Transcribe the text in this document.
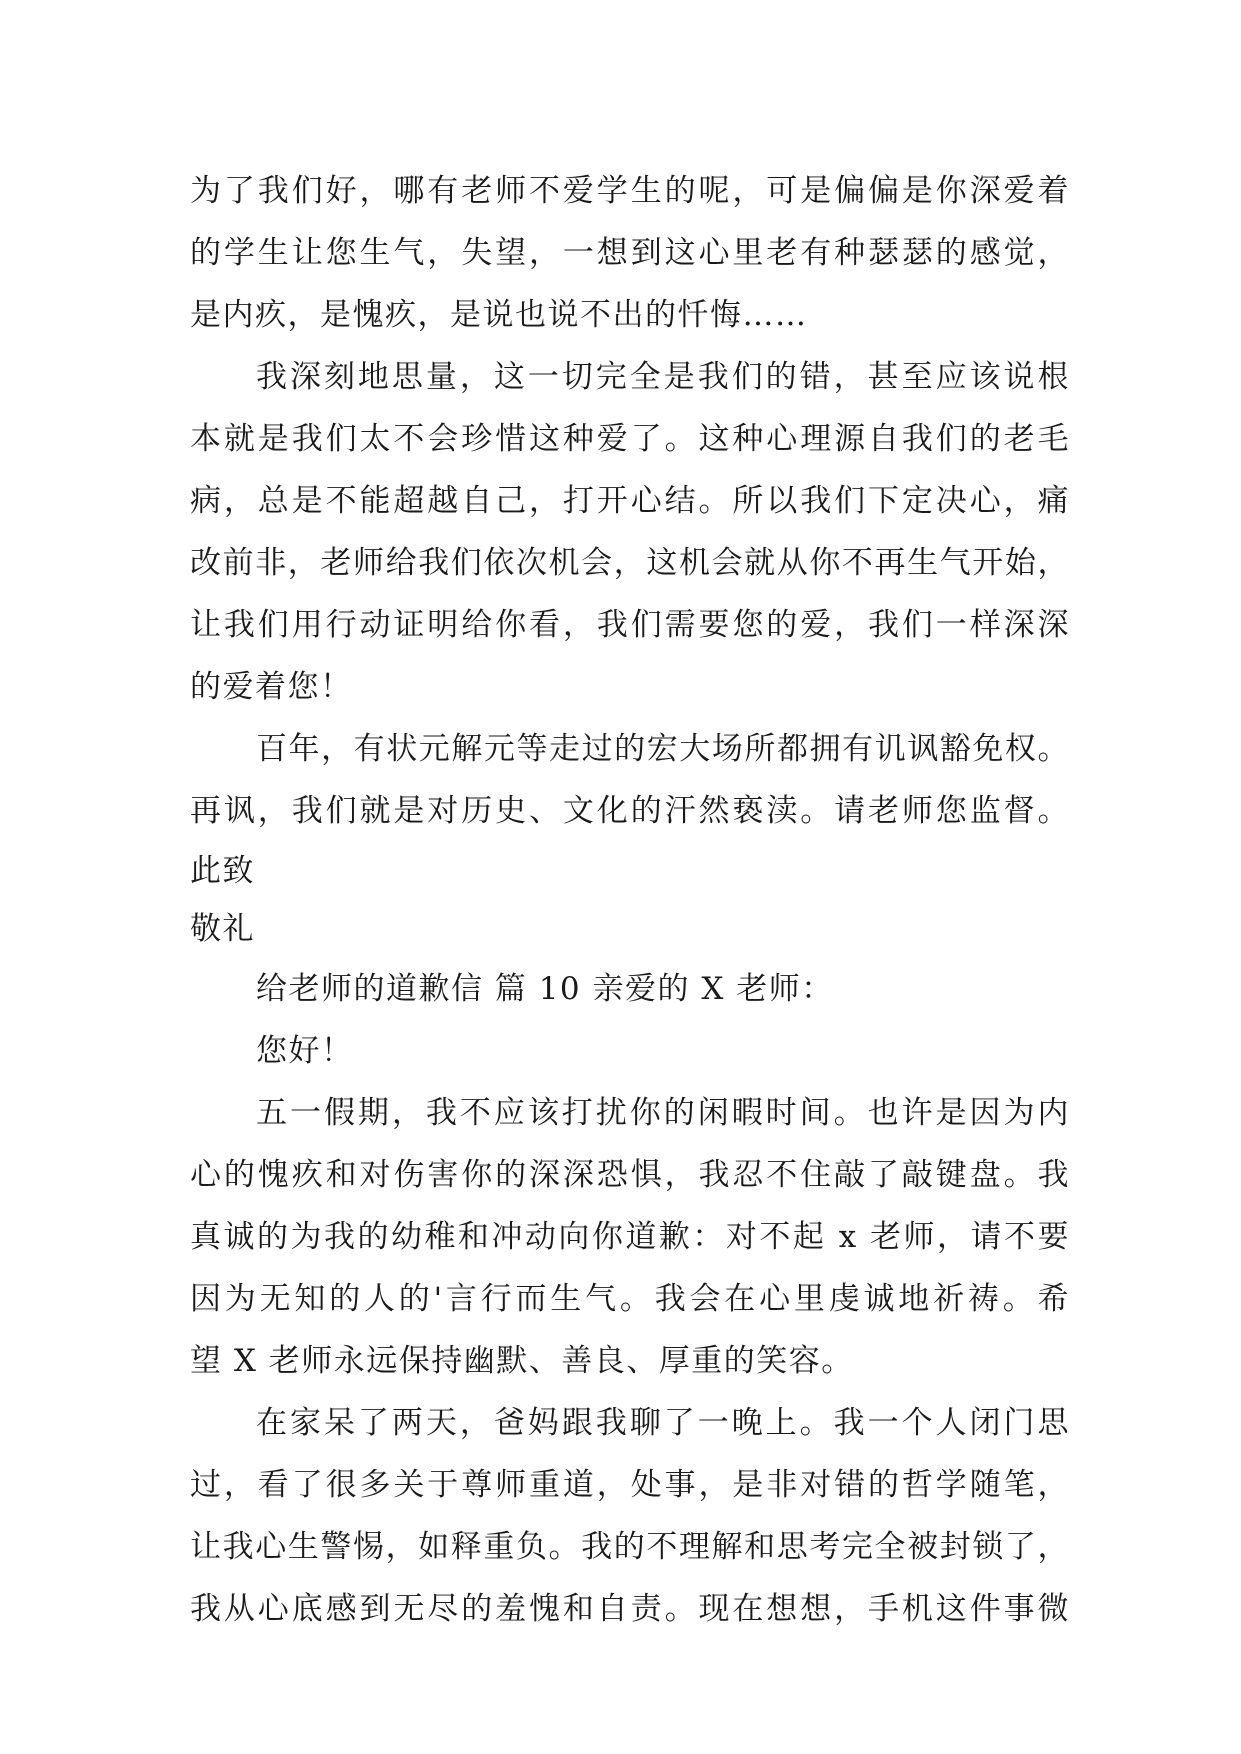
为了我们好，哪有老师不爱学生的呢，可是偏偏是你深爱着
的学生让您生气，失望，一想到这心里老有种瑟瑟的感觉，
是内疚，是愧疚，是说也说不出的忏悔……
我深刻地思量，这一切完全是我们的错，甚至应该说根
本就是我们太不会珍惜这种爱了。这种心理源自我们的老毛
病，总是不能超越自己，打开心结。所以我们下定决心，痛
改前非，老师给我们依次机会，这机会就从你不再生气开始，
让我们用行动证明给你看，我们需要您的爱，我们一样深深
的爱着您！
百年，有状元解元等走过的宏大场所都拥有讥讽豁免权。
再讽，我们就是对历史、文化的汗然亵渎。请老师您监督。
此致
敬礼
给老师的道歉信 篇 10 亲爱的 X 老师：
您好！
五一假期，我不应该打扰你的闲暇时间。也许是因为内
心的愧疚和对伤害你的深深恐惧，我忍不住敲了敲键盘。我
真诚的为我的幼稚和冲动向你道歉：对不起 x 老师，请不要
因为无知的人的'言行而生气。我会在心里虔诚地祈祷。希
望 X 老师永远保持幽默、善良、厚重的笑容。
在家呆了两天，爸妈跟我聊了一晚上。我一个人闭门思
过，看了很多关于尊师重道，处事，是非对错的哲学随笔，
让我心生警惕，如释重负。我的不理解和思考完全被封锁了，
我从心底感到无尽的羞愧和自责。现在想想，手机这件事微
